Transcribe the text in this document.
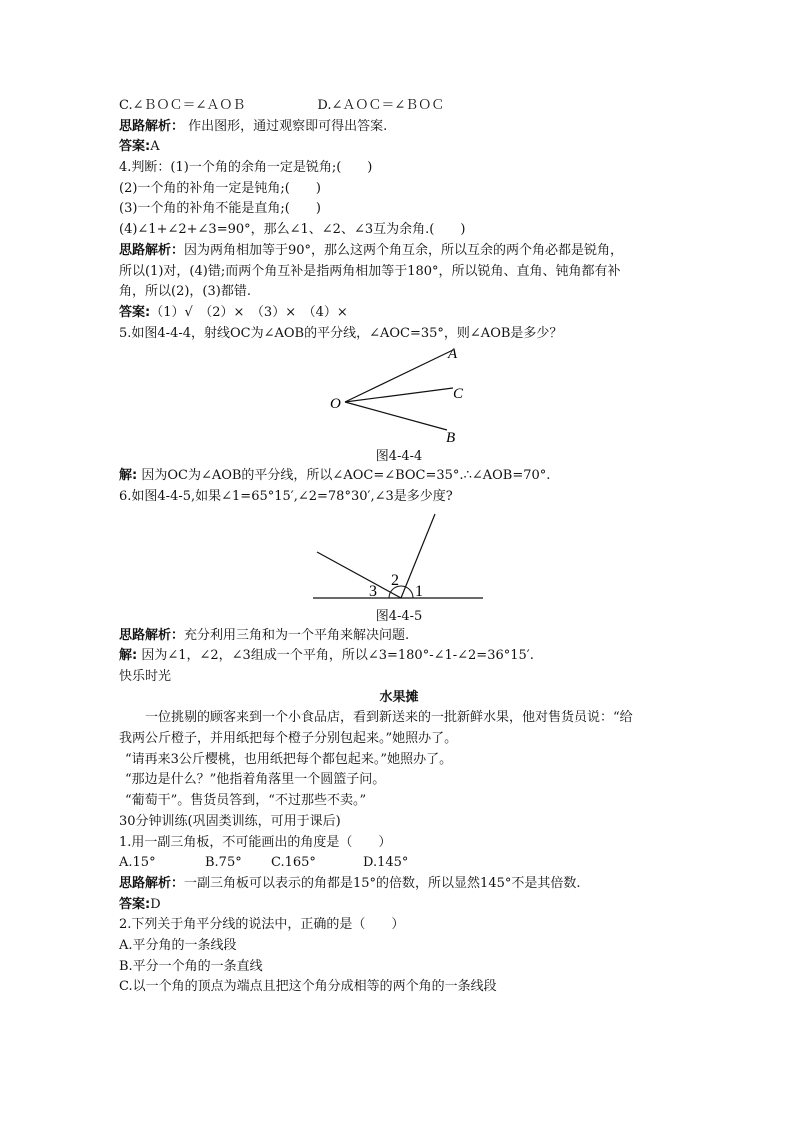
C.∠ＢＯＣ＝∠ＡＯＢ	D.∠ＡＯＣ＝∠ＢＯＣ
思路解析： 作出图形，通过观察即可得出答案.
答案:A
4.判断：(1)一个角的余角一定是锐角;(　　)
(2)一个角的补角一定是钝角;(　　)
(3)一个角的补角不能是直角;(　　)
(4)∠1+∠2+∠3=90°，那么∠1、∠2、∠3互为余角.(　　)
思路解析：因为两角相加等于90°，那么这两个角互余，所以互余的两个角必都是锐角，
所以(1)对，(4)错;而两个角互补是指两角相加等于180°，所以锐角、直角、钝角都有补
角，所以(2)，(3)都错.
答案:（1）√　（2）×　（3）×　（4）×
5.如图4-4-4，射线OC为∠AOB的平分线，∠AOC=35°，则∠AOB是多少？
O
A
C
B
图4-4-4
解: 因为OC为∠AOB的平分线，所以∠AOC=∠BOC=35°.∴∠AOB=70°.
6.如图4-4-5,如果∠1=65°15′,∠2=78°30′,∠3是多少度?
2
3 1
图4-4-5
思路解析：充分利用三角和为一个平角来解决问题.
解: 因为∠1，∠2，∠3组成一个平角，所以∠3=180°-∠1-∠2=36°15′.
快乐时光
水果摊
一位挑剔的顾客来到一个小食品店，看到新送来的一批新鲜水果，他对售货员说：“给
我两公斤橙子，并用纸把每个橙子分别包起来。”她照办了。
“请再来3公斤樱桃，也用纸把每个都包起来。”她照办了。
“那边是什么？”他指着角落里一个圆篮子问。
“葡萄干”。售货员答到，“不过那些不卖。”
30分钟训练(巩固类训练，可用于课后)
1.用一副三角板，不可能画出的角度是（　　）
A.15°	B.75° C.165°	D.145°
思路解析：一副三角板可以表示的角都是15°的倍数，所以显然145°不是其倍数.
答案:D
2.下列关于角平分线的说法中，正确的是（　　）
A.平分角的一条线段
B.平分一个角的一条直线
C.以一个角的顶点为端点且把这个角分成相等的两个角的一条线段
